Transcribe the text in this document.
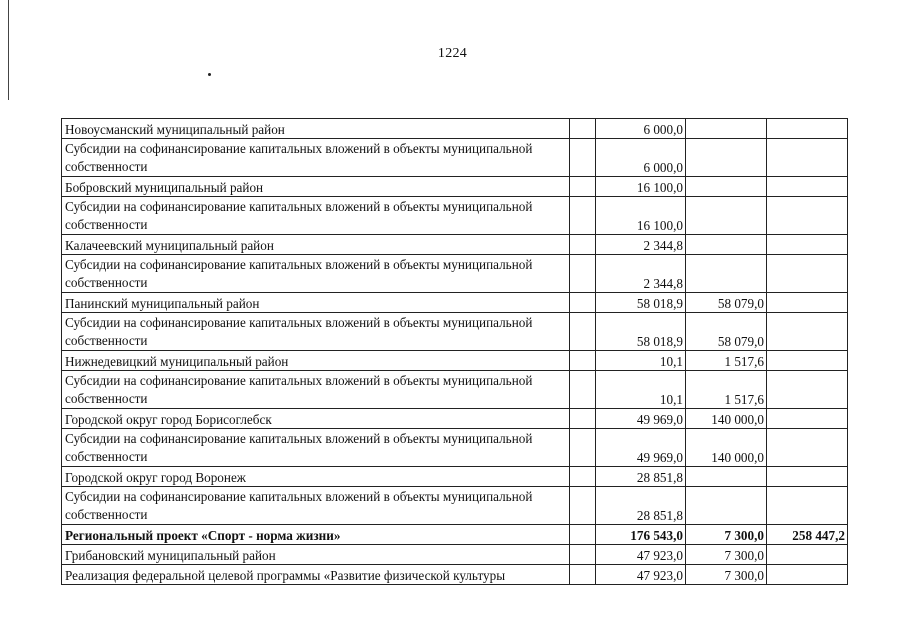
1224
Новоусманский муниципальный район		6 000,0		
Субсидии на софинансирование капитальных вложений в объекты муниципальной собственности		6 000,0		
Бобровский муниципальный район		16 100,0		
Субсидии на софинансирование капитальных вложений в объекты муниципальной собственности		16 100,0		
Калачеевский муниципальный район		2 344,8		
Субсидии на софинансирование капитальных вложений в объекты муниципальной собственности		2 344,8		
Панинский муниципальный район		58 018,9	58 079,0	
Субсидии на софинансирование капитальных вложений в объекты муниципальной собственности		58 018,9	58 079,0	
Нижнедевицкий муниципальный район		10,1	1 517,6	
Субсидии на софинансирование капитальных вложений в объекты муниципальной собственности		10,1	1 517,6	
Городской округ город Борисоглебск		49 969,0	140 000,0	
Субсидии на софинансирование капитальных вложений в объекты муниципальной собственности		49 969,0	140 000,0	
Городской округ город Воронеж		28 851,8		
Субсидии на софинансирование капитальных вложений в объекты муниципальной собственности		28 851,8		
Региональный проект «Спорт - норма жизни»		176 543,0	7 300,0	258 447,2
Грибановский муниципальный район		47 923,0	7 300,0	
Реализация федеральной целевой программы «Развитие физической культуры		47 923,0	7 300,0	
